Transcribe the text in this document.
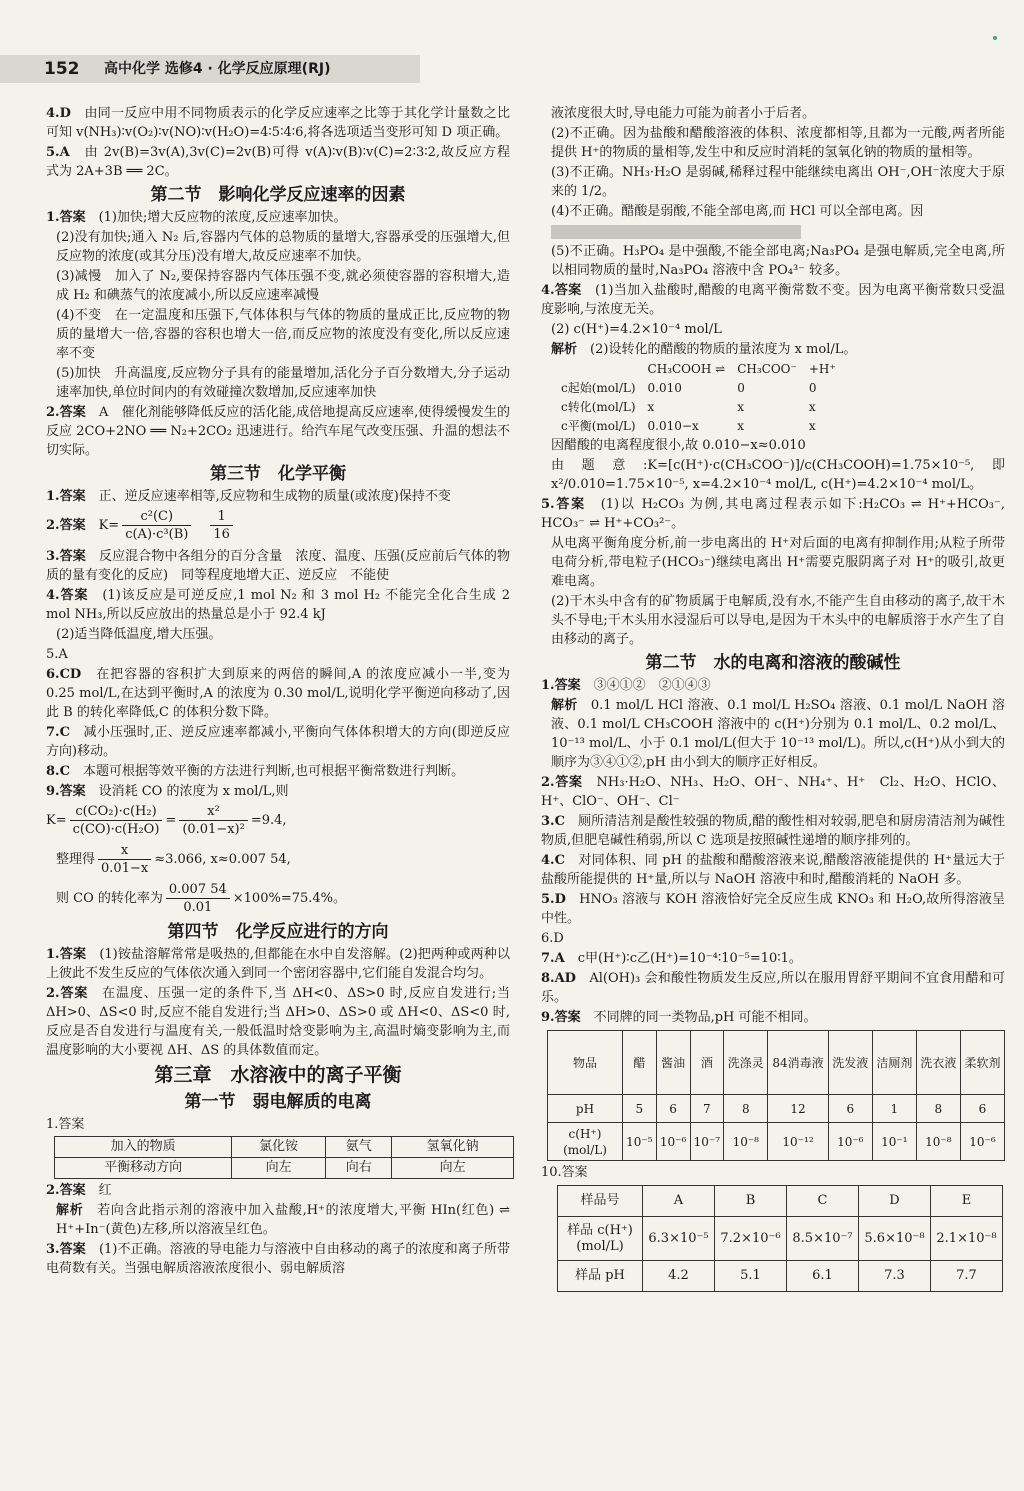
152 高中化学 选修4 · 化学反应原理(RJ)
4.D　 由同一反应中用不同物质表示的化学反应速率之比等于其化学计量数之比可知 v(NH₃)∶v(O₂)∶v(NO)∶v(H₂O)=4∶5∶4∶6,将各选项适当变形可知 D 项正确。
5.A　 由 2v(B)=3v(A),3v(C)=2v(B)可得 v(A)∶v(B)∶v(C)=2∶3∶2,故反应方程式为 2A+3B ══ 2C。
第二节　影响化学反应速率的因素
1.答案　 (1)加快;增大反应物的浓度,反应速率加快。
(2)没有加快;通入 N₂ 后,容器内气体的总物质的量增大,容器承受的压强增大,但反应物的浓度(或其分压)没有增大,故反应速率不加快。
(3)减慢　加入了 N₂,要保持容器内气体压强不变,就必须使容器的容积增大,造成 H₂ 和碘蒸气的浓度减小,所以反应速率减慢
(4)不变　在一定温度和压强下,气体体积与气体的物质的量成正比,反应物的物质的量增大一倍,容器的容积也增大一倍,而反应物的浓度没有变化,所以反应速率不变
(5)加快　升高温度,反应物分子具有的能量增加,活化分子百分数增大,分子运动速率加快,单位时间内的有效碰撞次数增加,反应速率加快
2.答案　 A　催化剂能够降低反应的活化能,成倍地提高反应速率,使得缓慢发生的反应 2CO+2NO ══ N₂+2CO₂ 迅速进行。给汽车尾气改变压强、升温的想法不切实际。
第三节　化学平衡
1.答案　 正、逆反应速率相等,反应物和生成物的质量(或浓度)保持不变
2.答案　 $K= \frac{\text{c²(C)}}{\text{c(A)·c³(B)}}$
　 $\frac{1}{16}$
3.答案　 反应混合物中各组分的百分含量　浓度、温度、压强(反应前后气体的物质的量有变化的反应)　同等程度地增大正、逆反应　不能使
4.答案　 (1)该反应是可逆反应,1 mol N₂ 和 3 mol H₂ 不能完全化合生成 2 mol NH₃,所以反应放出的热量总是小于 92.4 kJ
(2)适当降低温度,增大压强。
5.A
6.CD　 在把容器的容积扩大到原来的两倍的瞬间,A 的浓度应减小一半,变为 0.25 mol/L,在达到平衡时,A 的浓度为 0.30 mol/L,说明化学平衡逆向移动了,因此 B 的转化率降低,C 的体积分数下降。
7.C　 减小压强时,正、逆反应速率都减小,平衡向气体体积增大的方向(即逆反应方向)移动。
8.C　 本题可根据等效平衡的方法进行判断,也可根据平衡常数进行判断。
9.答案　 设消耗 CO 的浓度为 x mol/L,则
$K= \frac{\text{c(CO₂)·c(H₂)}}{\text{c(CO)·c(H₂O)}} = \frac{\text{x²}}{\text{(0.01−x)²}} =9.4$,
整理得 $\frac{x}{0.01-x} \approx 3.066$, x≈0.007 54,
则 CO 的转化率为 $\frac{0.007 54}{0.01} \times 100\%=75.4\%$。
第四节　化学反应进行的方向
1.答案　 (1)铵盐溶解常常是吸热的,但都能在水中自发溶解。(2)把两种或两种以上彼此不发生反应的气体依次通入到同一个密闭容器中,它们能自发混合均匀。
2.答案　 在温度、压强一定的条件下,当 ΔH<0、ΔS>0 时,反应自发进行;当 ΔH>0、ΔS<0 时,反应不能自发进行;当 ΔH>0、ΔS>0 或 ΔH<0、ΔS<0 时,反应是否自发进行与温度有关,一般低温时焓变影响为主,高温时熵变影响为主,而温度影响的大小要视 ΔH、ΔS 的具体数值而定。
第三章　水溶液中的离子平衡
第一节　弱电解质的电离
1.答案
加入的物质	氯化铵	氨气	氢氧化钠
平衡移动方向	向左	向右	向左
2.答案　 红
解析　 若向含此指示剂的溶液中加入盐酸,H⁺的浓度增大,平衡 HIn(红色) ⇌ H⁺+In⁻(黄色)左移,所以溶液呈红色。
3.答案　 (1)不正确。溶液的导电能力与溶液中自由移动的离子的浓度和离子所带电荷数有关。当强电解质溶液浓度很小、弱电解质溶
液浓度很大时,导电能力可能为前者小于后者。
(2)不正确。因为盐酸和醋酸溶液的体积、浓度都相等,且都为一元酸,两者所能提供 H⁺的物质的量相等,发生中和反应时消耗的氢氧化钠的物质的量相等。
(3)不正确。NH₃·H₂O 是弱碱,稀释过程中能继续电离出 OH⁻,OH⁻浓度大于原来的 1/2。
(4)不正确。醋酸是弱酸,不能全部电离,而 HCl 可以全部电离。因
(5)不正确。H₃PO₄ 是中强酸,不能全部电离;Na₃PO₄ 是强电解质,完全电离,所以相同物质的量时,Na₃PO₄ 溶液中含 PO₄³⁻ 较多。
4.答案　 (1)当加入盐酸时,醋酸的电离平衡常数不变。因为电离平衡常数只受温度影响,与浓度无关。
(2) c(H⁺)=4.2×10⁻⁴ mol/L
解析　 (2)设转化的醋酸的物质的量浓度为 x mol/L。
	CH₃COOH ⇌	CH₃COO⁻	+H⁺
c起始(mol/L)	0.010	0	0
c转化(mol/L)	x	x	x
c平衡(mol/L)	0.010−x	x	x
因醋酸的电离程度很小,故 0.010−x≈0.010
由题意:K=[c(H⁺)·c(CH₃COO⁻)]/c(CH₃COOH)=1.75×10⁻⁵,即 x²/0.010=1.75×10⁻⁵, x=4.2×10⁻⁴ mol/L, c(H⁺)=4.2×10⁻⁴ mol/L。
5.答案　 (1)以 H₂CO₃ 为例,其电离过程表示如下:H₂CO₃ ⇌ H⁺+HCO₃⁻, HCO₃⁻ ⇌ H⁺+CO₃²⁻。
从电离平衡角度分析,前一步电离出的 H⁺对后面的电离有抑制作用;从粒子所带电荷分析,带电粒子(HCO₃⁻)继续电离出 H⁺需要克服阴离子对 H⁺的吸引,故更难电离。
(2)干木头中含有的矿物质属于电解质,没有水,不能产生自由移动的离子,故干木头不导电;干木头用水浸湿后可以导电,是因为干木头中的电解质溶于水产生了自由移动的离子。
第二节　水的电离和溶液的酸碱性
1.答案　 ③④①②　②①④③
解析　 0.1 mol/L HCl 溶液、0.1 mol/L H₂SO₄ 溶液、0.1 mol/L NaOH 溶液、0.1 mol/L CH₃COOH 溶液中的 c(H⁺)分别为 0.1 mol/L、0.2 mol/L、10⁻¹³ mol/L、小于 0.1 mol/L(但大于 10⁻¹³ mol/L)。所以,c(H⁺)从小到大的顺序为③④①②,pH 由小到大的顺序正好相反。
2.答案　 NH₃·H₂O、NH₃、H₂O、OH⁻、NH₄⁺、H⁺　Cl₂、H₂O、HClO、H⁺、ClO⁻、OH⁻、Cl⁻
3.C　 厕所清洁剂是酸性较强的物质,醋的酸性相对较弱,肥皂和厨房清洁剂为碱性物质,但肥皂碱性稍弱,所以 C 选项是按照碱性递增的顺序排列的。
4.C　 对同体积、同 pH 的盐酸和醋酸溶液来说,醋酸溶液能提供的 H⁺量远大于盐酸所能提供的 H⁺量,所以与 NaOH 溶液中和时,醋酸消耗的 NaOH 多。
5.D　 HNO₃ 溶液与 KOH 溶液恰好完全反应生成 KNO₃ 和 H₂O,故所得溶液呈中性。
6.D
7.A　 c甲(H⁺)∶c乙(H⁺)=10⁻⁴∶10⁻⁵=10∶1。
8.AD　 Al(OH)₃ 会和酸性物质发生反应,所以在服用胃舒平期间不宜食用醋和可乐。
9.答案　 不同牌的同一类物品,pH 可能不相同。
物品	醋	酱油	酒	洗涤灵	84消毒液	洗发液	洁厕剂	洗衣液	柔软剂
pH	5	6	7	8	12	6	1	8	6
c(H⁺)(mol/L)	10⁻⁵	10⁻⁶	10⁻⁷	10⁻⁸	10⁻¹²	10⁻⁶	10⁻¹	10⁻⁸	10⁻⁶
10.答案
样品号	A	B	C	D	E
样品 c(H⁺)(mol/L)	6.3×10⁻⁵	7.2×10⁻⁶	8.5×10⁻⁷	5.6×10⁻⁸	2.1×10⁻⁸
样品 pH	4.2	5.1	6.1	7.3	7.7
